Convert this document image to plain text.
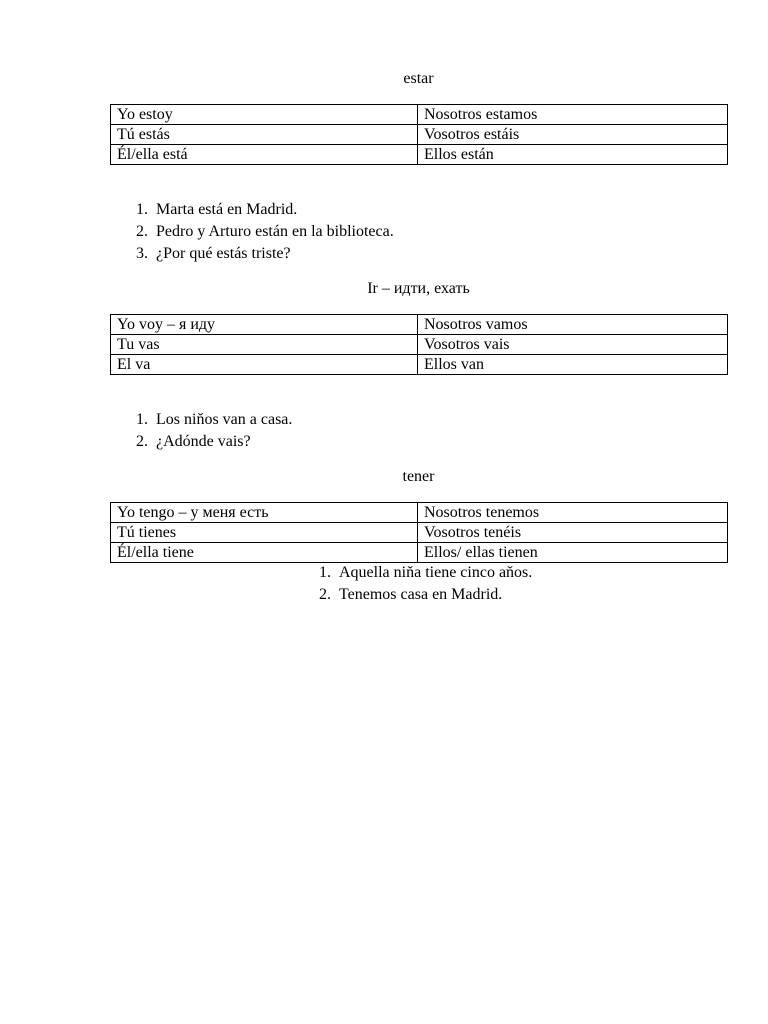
estar
Yo estoy	Nosotros estamos
Tú estás	Vosotros estáis
Él/ella está	Ellos están
1. Marta está en Madrid.
2. Pedro y Arturo están en la biblioteca.
3. ¿Por qué estás triste?
Ir – идти, ехать
Yo voy – я иду	Nosotros vamos
Tu vas	Vosotros vais
El va	Ellos van
1. Los niňos van a casa.
2. ¿Adónde vais?
tener
Yo tengo – у меня есть	Nosotros tenemos
Tú tienes	Vosotros tenéis
Él/ella tiene	Ellos/ ellas tienen
1. Aquella niňa tiene cinco aňos.
2. Tenemos casa en Madrid.
